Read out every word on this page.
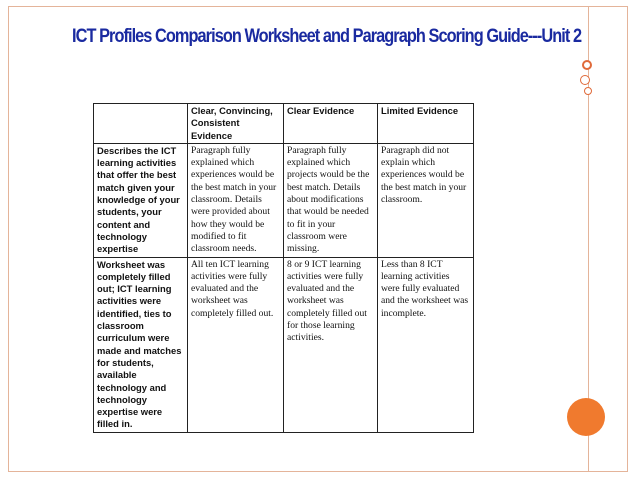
ICT Profiles Comparison Worksheet and Paragraph Scoring Guide---Unit 2
	Clear, Convincing, Consistent Evidence	Clear Evidence	Limited Evidence
Describes the ICT learning activities that offer the best match given your knowledge of your students, your content and technology expertise	Paragraph fully explained which experiences would be the best match in your classroom. Details were provided about how they would be modified to fit classroom needs.	Paragraph fully explained which projects would be the best match. Details about modifications that would be needed to fit in your classroom were missing.	Paragraph did not explain which experiences would be the best match in your classroom.
Worksheet was completely filled out; ICT learning activities were identified, ties to classroom curriculum were made and matches for students, available technology and technology expertise were filled in.	All ten ICT learning activities were fully evaluated and the worksheet was completely filled out.	8 or 9 ICT learning activities were fully evaluated and the worksheet was completely filled out for those learning activities.	Less than 8 ICT learning activities were fully evaluated and the worksheet was incomplete.
